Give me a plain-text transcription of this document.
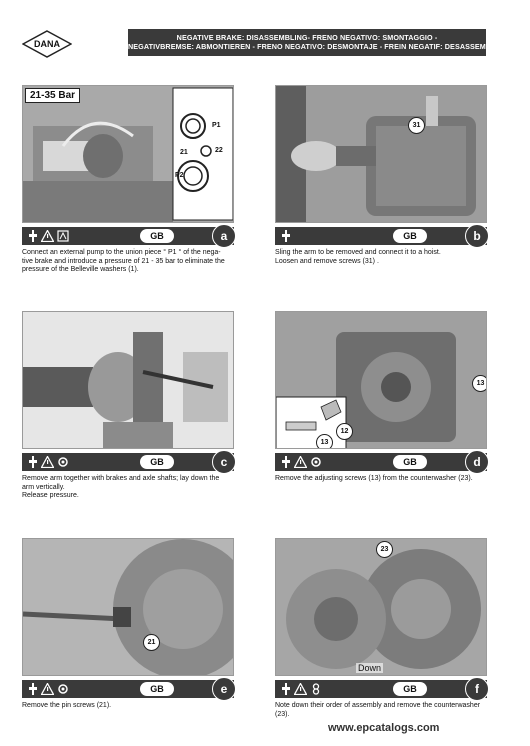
DANA
NEGATIVE BRAKE: DISASSEMBLING- FRENO NEGATIVO: SMONTAGGIO -
NEGATIVBREMSE: ABMONTIEREN - FRENO NEGATIVO: DESMONTAJE - FREIN NEGATIF: DESASSEMBLAGE
21-35 Bar
P1
21	22
P2
GB	a
Connect an external pump to the union piece ° P1 ° of the nega-
tive brake and introduce a pressure of 21 - 35 bar to eliminate the
pressure of the Belleville washers (1).
31
GB	b
Sling the arm to be removed and connect it to a hoist.
Loosen and remove screws (31) .
GB	c
Remove arm together with brakes and axle shafts; lay down the
arm vertically.
Release pressure.
13
12
13
GB	d
Remove the adjusting screws (13) from the counterwasher (23).
21
GB	e
Remove the pin screws (21).
23
Down
GB	f
Note down their order of assembly and remove the counterwasher
(23).
www.epcatalogs.com
